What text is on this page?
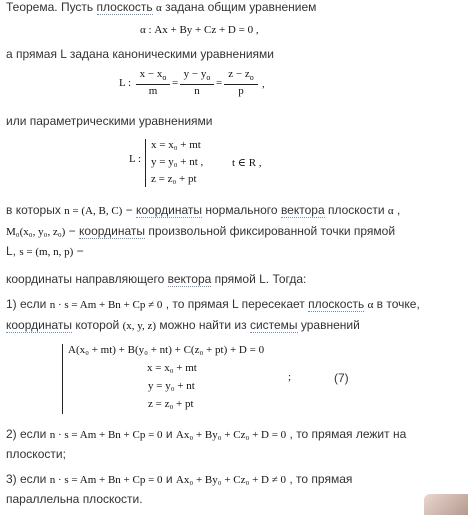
Теорема. Пусть плоскость α задана общим уравнением
α : Ax + By + Cz + D = 0 ,
а прямая L задана каноническими уравнениями
L : $\frac{x - x_o}{m} = \frac{y - y_o}{n} = \frac{z - z_o}{p}$ ,
или параметрическими уравнениями
L :
x = x₀ + mt
y = y₀ + nt ,
z = z₀ + pt
t ∈ R ,
в которых n = (A, B, C) − координаты нормального вектора плоскости α ,
M₀(x₀, y₀, z₀) − координаты произвольной фиксированной точки прямой
L, s = (m, n, p) −
координаты направляющего вектора прямой L. Тогда:
1) если n · s = Am + Bn + Cp ≠ 0 , то прямая L пересекает плоскость α в точке,
координаты которой (x, y, z) можно найти из системы уравнений
A(x₀ + mt) + B(y₀ + nt) + C(z₀ + pt) + D = 0
x = x₀ + mt
y = y₀ + nt
z = z₀ + pt
;	(7)
2) если n · s = Am + Bn + Cp = 0 и Ax₀ + By₀ + Cz₀ + D = 0 , то прямая лежит на
плоскости;
3) если n · s = Am + Bn + Cp = 0 и Ax₀ + By₀ + Cz₀ + D ≠ 0 , то прямая
параллельна плоскости.
